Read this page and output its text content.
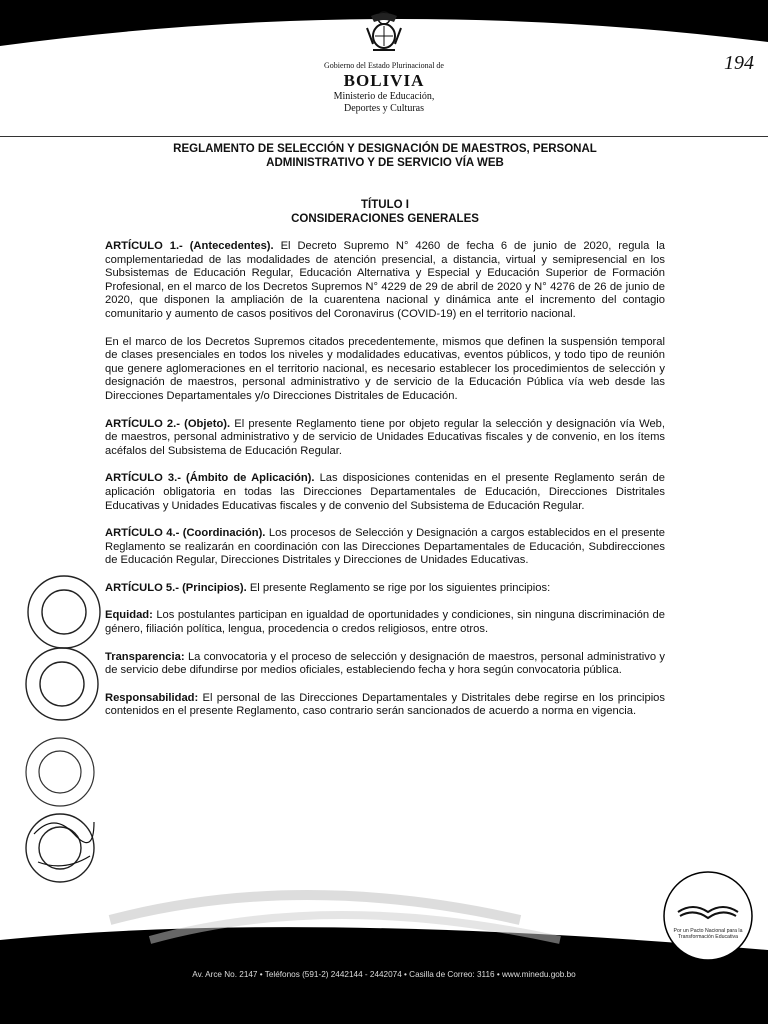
Gobierno del Estado Plurinacional de
BOLIVIA
Ministerio de Educación,
Deportes y Culturas
194
REGLAMENTO DE SELECCIÓN Y DESIGNACIÓN DE MAESTROS, PERSONAL
ADMINISTRATIVO Y DE SERVICIO VÍA WEB
TÍTULO I
CONSIDERACIONES GENERALES

ARTÍCULO 1.- (Antecedentes). El Decreto Supremo N° 4260 de fecha 6 de junio de 2020, regula la complementariedad de las modalidades de atención presencial, a distancia, virtual y semipresencial en los Subsistemas de Educación Regular, Educación Alternativa y Especial y Educación Superior de Formación Profesional, en el marco de los Decretos Supremos N° 4229 de 29 de abril de 2020 y N° 4276 de 26 de junio de 2020, que disponen la ampliación de la cuarentena nacional y dinámica ante el incremento del contagio comunitario y aumento de casos positivos del Coronavirus (COVID-19) en el territorio nacional.

En el marco de los Decretos Supremos citados precedentemente, mismos que definen la suspensión temporal de clases presenciales en todos los niveles y modalidades educativas, eventos públicos, y todo tipo de reunión que genere aglomeraciones en el territorio nacional, es necesario establecer los procedimientos de selección y designación de maestros, personal administrativo y de servicio de la Educación Pública vía web desde las Direcciones Departamentales y/o Direcciones Distritales de Educación.

ARTÍCULO 2.- (Objeto). El presente Reglamento tiene por objeto regular la selección y designación vía Web, de maestros, personal administrativo y de servicio de Unidades Educativas fiscales y de convenio, en los ítems acéfalos del Subsistema de Educación Regular.

ARTÍCULO 3.- (Ámbito de Aplicación). Las disposiciones contenidas en el presente Reglamento serán de aplicación obligatoria en todas las Direcciones Departamentales de Educación, Direcciones Distritales Educativas y Unidades Educativas fiscales y de convenio del Subsistema de Educación Regular.

ARTÍCULO 4.- (Coordinación). Los procesos de Selección y Designación a cargos establecidos en el presente Reglamento se realizarán en coordinación con las Direcciones Departamentales de Educación, Subdirecciones de Educación Regular, Direcciones Distritales y Direcciones de Unidades Educativas.

ARTÍCULO 5.- (Principios). El presente Reglamento se rige por los siguientes principios:

Equidad: Los postulantes participan en igualdad de oportunidades y condiciones, sin ninguna discriminación de género, filiación política, lengua, procedencia o credos religiosos, entre otros.

Transparencia: La convocatoria y el proceso de selección y designación de maestros, personal administrativo y de servicio debe difundirse por medios oficiales, estableciendo fecha y hora según convocatoria pública.

Responsabilidad: El personal de las Direcciones Departamentales y Distritales debe regirse en los principios contenidos en el presente Reglamento, caso contrario serán sancionados de acuerdo a norma en vigencia.

Por un Pacto Nacional para la
Transformación Educativa
Av. Arce No. 2147 • Teléfonos (591-2) 2442144 - 2442074 • Casilla de Correo: 3116 • www.minedu.gob.bo
